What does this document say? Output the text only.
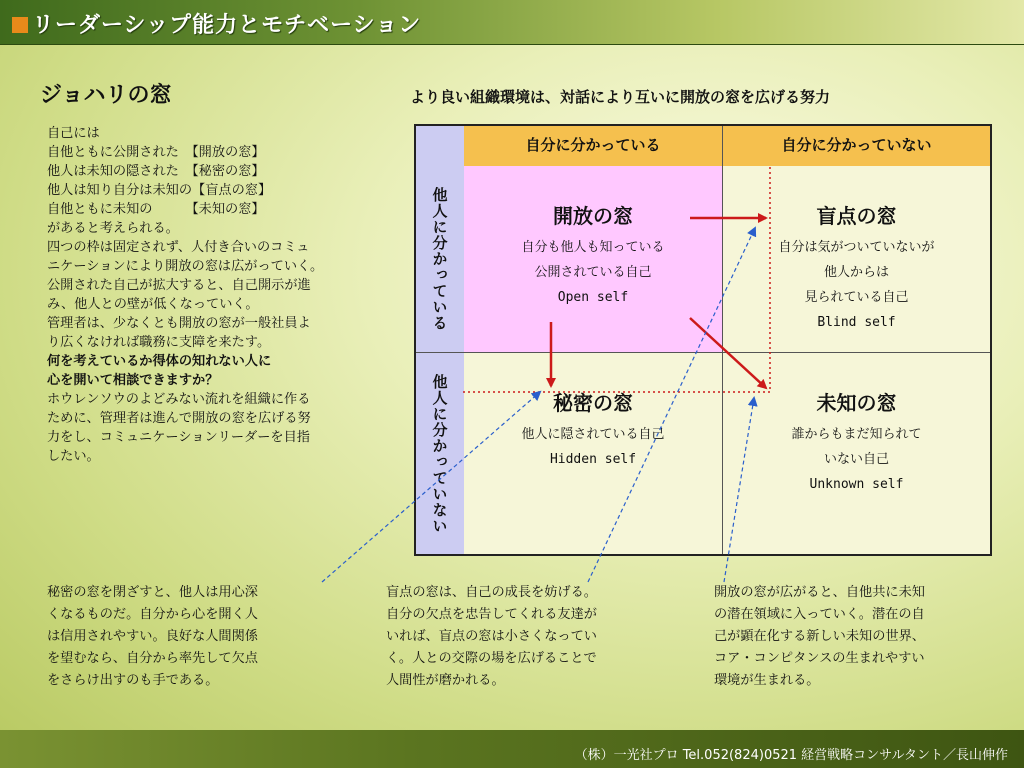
リーダーシップ能力とモチベーション
ジョハリの窓	より良い組織環境は、対話により互いに開放の窓を広げる努力
自己には
自他ともに公開された　【開放の窓】
他人は未知の隠された　【秘密の窓】
他人は知り自分は未知の【盲点の窓】
自他ともに未知の　　　【未知の窓】
があると考えられる。
四つの枠は固定されず、人付き合いのコミュ
ニケーションにより開放の窓は広がっていく。
公開された自己が拡大すると、自己開示が進
み、他人との壁が低くなっていく。
管理者は、少なくとも開放の窓が一般社員よ
り広くなければ職務に支障を来たす。
何を考えているか得体の知れない人に
心を開いて相談できますか？
ホウレンソウのよどみない流れを組織に作る
ために、管理者は進んで開放の窓を広げる努
力をし、コミュニケーションリーダーを目指
したい。
自分に分かっている	自分に分かっていない
他人に分かっている
他人に分かっていない
開放の窓
自分も他人も知っている
公開されている自己
Open self
盲点の窓
自分は気がついていないが
他人からは
見られている自己
Blind self
秘密の窓
他人に隠されている自己
Hidden self
未知の窓
誰からもまだ知られて
いない自己
Unknown self
秘密の窓を閉ざすと、他人は用心深
くなるものだ。自分から心を開く人
は信用されやすい。良好な人間関係
を望むなら、自分から率先して欠点
をさらけ出すのも手である。
盲点の窓は、自己の成長を妨げる。
自分の欠点を忠告してくれる友達が
いれば、盲点の窓は小さくなってい
く。人との交際の場を広げることで
人間性が磨かれる。
開放の窓が広がると、自他共に未知
の潜在領域に入っていく。潜在の自
己が顕在化する新しい未知の世界、
コア・コンピタンスの生まれやすい
環境が生まれる。
（株）一光社プロ Tel.052(824)0521 経営戦略コンサルタント／長山伸作
